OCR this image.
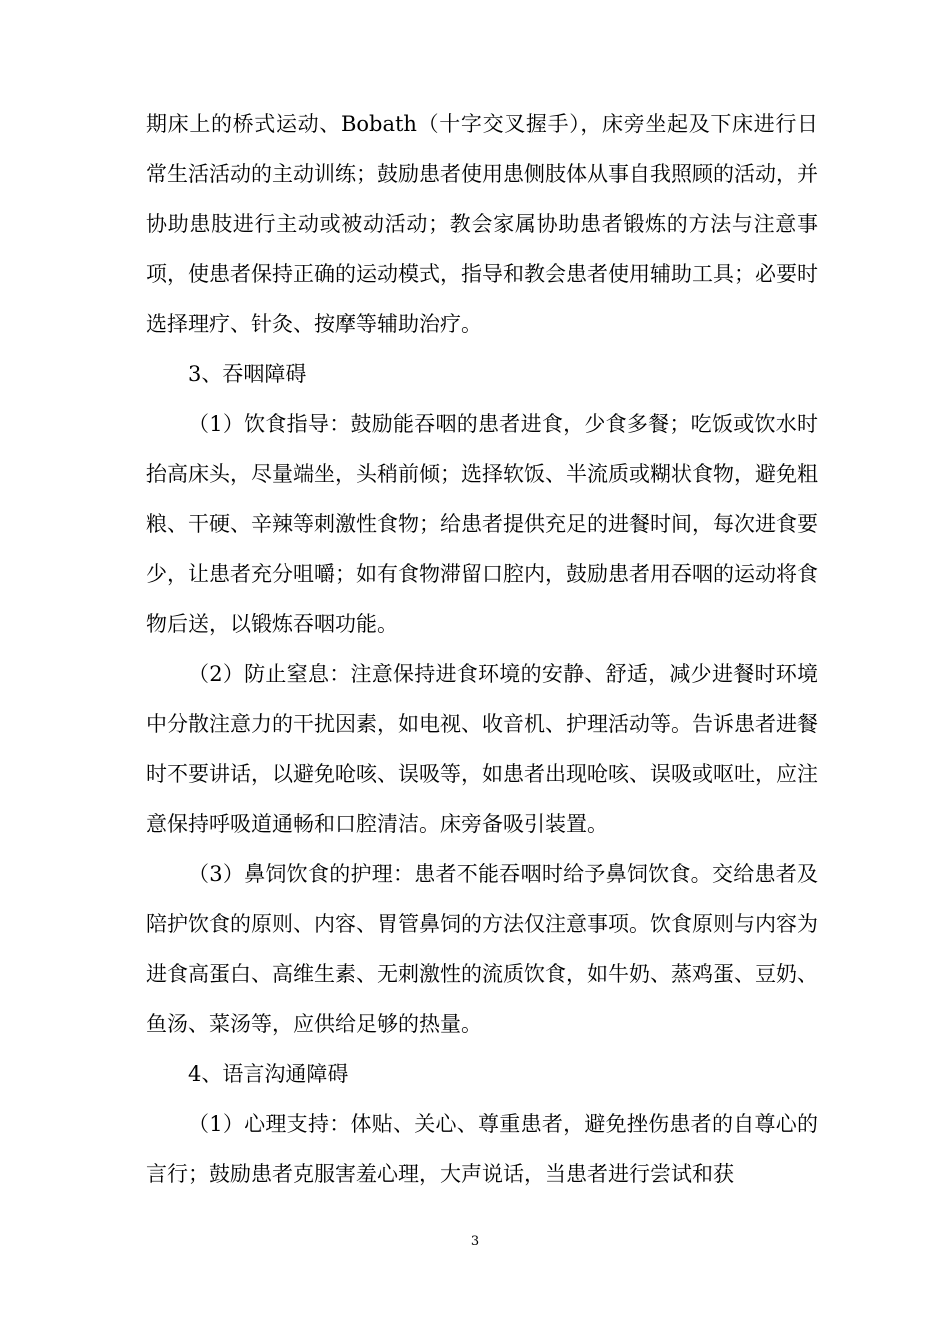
期床上的桥式运动、Bobath（十字交叉握手），床旁坐起及下床进行日常生活活动的主动训练；鼓励患者使用患侧肢体从事自我照顾的活动，并协助患肢进行主动或被动活动；教会家属协助患者锻炼的方法与注意事项，使患者保持正确的运动模式，指导和教会患者使用辅助工具；必要时选择理疗、针灸、按摩等辅助治疗。

3、吞咽障碍

（1）饮食指导：鼓励能吞咽的患者进食，少食多餐；吃饭或饮水时抬高床头，尽量端坐，头稍前倾；选择软饭、半流质或糊状食物，避免粗粮、干硬、辛辣等刺激性食物；给患者提供充足的进餐时间，每次进食要少，让患者充分咀嚼；如有食物滞留口腔内，鼓励患者用吞咽的运动将食物后送，以锻炼吞咽功能。

（2）防止窒息：注意保持进食环境的安静、舒适，减少进餐时环境中分散注意力的干扰因素，如电视、收音机、护理活动等。告诉患者进餐时不要讲话，以避免呛咳、误吸等，如患者出现呛咳、误吸或呕吐，应注意保持呼吸道通畅和口腔清洁。床旁备吸引装置。

（3）鼻饲饮食的护理：患者不能吞咽时给予鼻饲饮食。交给患者及陪护饮食的原则、内容、胃管鼻饲的方法仅注意事项。饮食原则与内容为进食高蛋白、高维生素、无刺激性的流质饮食，如牛奶、蒸鸡蛋、豆奶、鱼汤、菜汤等，应供给足够的热量。

4、语言沟通障碍

（1）心理支持：体贴、关心、尊重患者，避免挫伤患者的自尊心的言行；鼓励患者克服害羞心理，大声说话，当患者进行尝试和获

3
